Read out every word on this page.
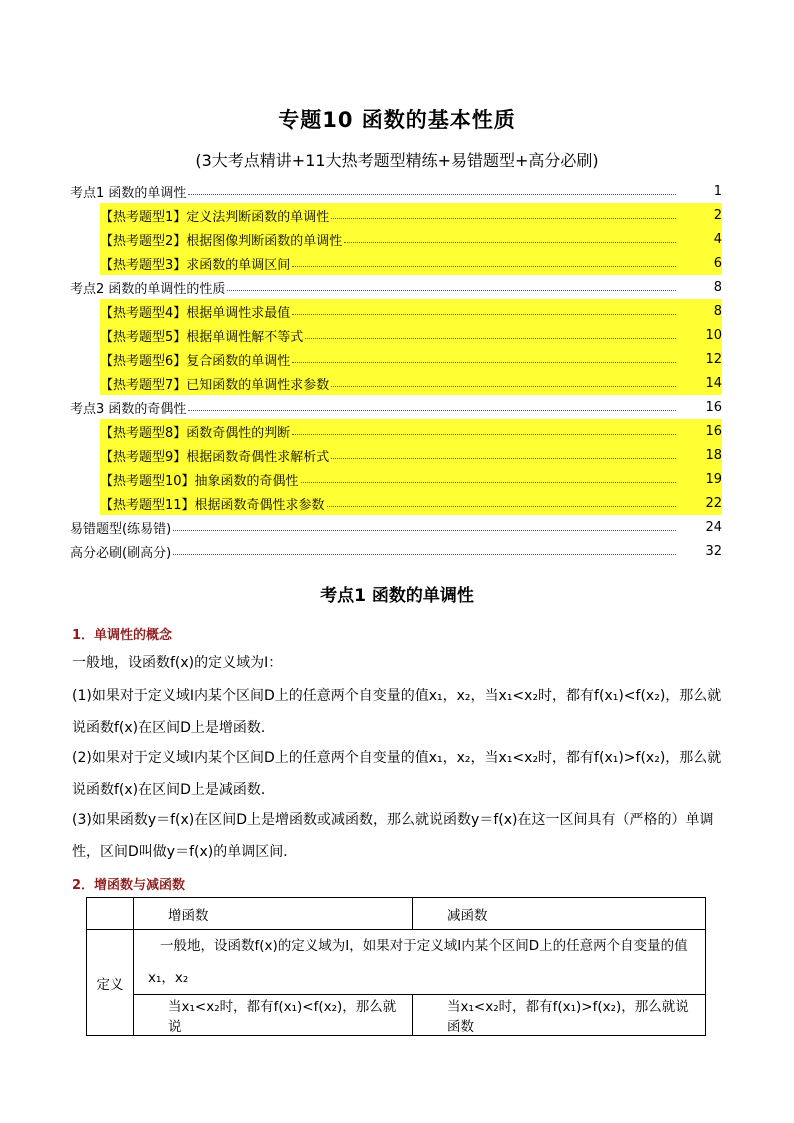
专题10 函数的基本性质
(3大考点精讲+11大热考题型精练+易错题型+高分必刷)
考点1 函数的单调性	1
【热考题型1】定义法判断函数的单调性	2
【热考题型2】根据图像判断函数的单调性	4
【热考题型3】求函数的单调区间	6
考点2 函数的单调性的性质	8
【热考题型4】根据单调性求最值	8
【热考题型5】根据单调性解不等式	10
【热考题型6】复合函数的单调性	12
【热考题型7】已知函数的单调性求参数	14
考点3 函数的奇偶性	16
【热考题型8】函数奇偶性的判断	16
【热考题型9】根据函数奇偶性求解析式	18
【热考题型10】抽象函数的奇偶性	19
【热考题型11】根据函数奇偶性求参数	22
易错题型(练易错)	24
高分必刷(刷高分)	32
考点1 函数的单调性
1．单调性的概念
一般地，设函数f(x)的定义域为I：
(1)如果对于定义域I内某个区间D上的任意两个自变量的值x₁，x₂，当x₁<x₂时，都有f(x₁)<f(x₂)，那么就说函数f(x)在区间D上是增函数．
(2)如果对于定义域I内某个区间D上的任意两个自变量的值x₁，x₂，当x₁<x₂时，都有f(x₁)>f(x₂)，那么就说函数f(x)在区间D上是减函数．
(3)如果函数y＝f(x)在区间D上是增函数或减函数，那么就说函数y＝f(x)在这一区间具有（严格的）单调性，区间D叫做y＝f(x)的单调区间．
2．增函数与减函数
	增函数	减函数
定义	一般地，设函数f(x)的定义域为I，如果对于定义域I内某个区间D上的任意两个自变量的值x₁，x₂	
	当x₁<x₂时，都有f(x₁)<f(x₂)，那么就说	当x₁<x₂时，都有f(x₁)>f(x₂)，那么就说函数
